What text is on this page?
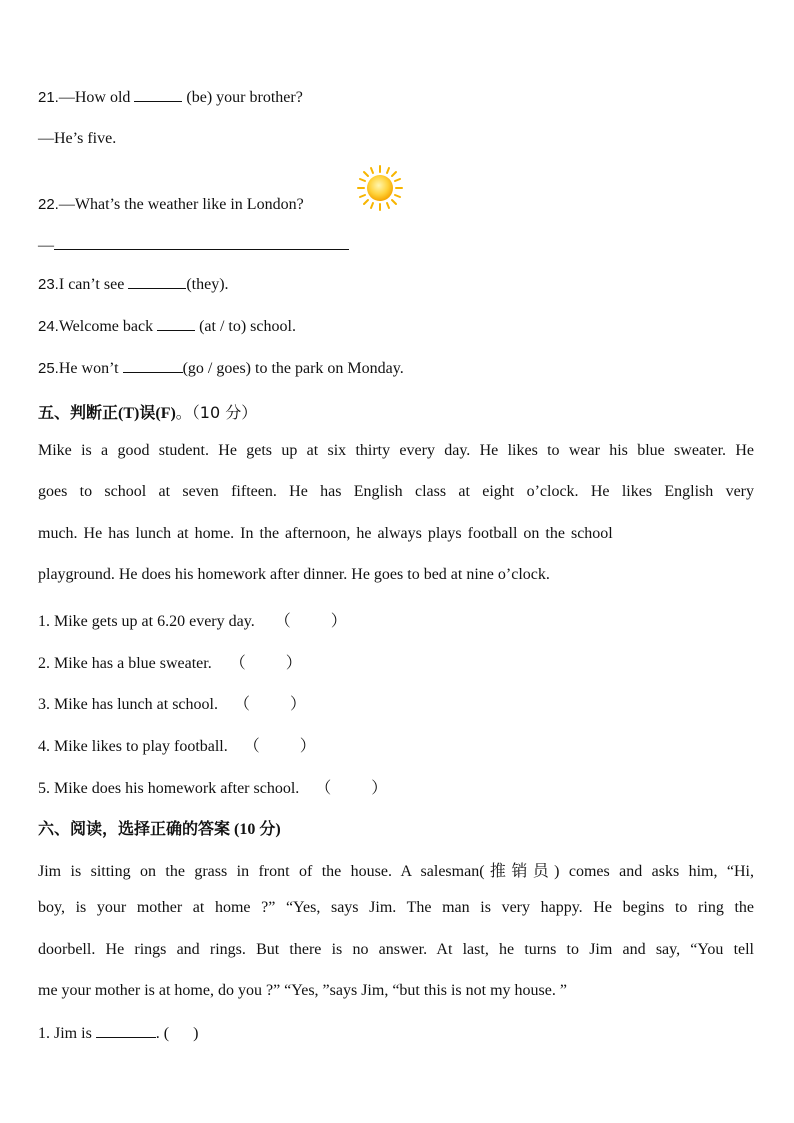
21.—How old	(be) your brother?
—He’s five.
22.—What’s the weather like in London?
—
23.I can’t see	(they).
24.Welcome back  (at / to) school.
25.He won’t	(go / goes) to the park on Monday.
五、判断正(T)误(F)。（10 分）
Mike is a good student. He gets up at six thirty every day. He likes to wear his blue sweater. He
goes to school at seven fifteen. He has English class at eight o’clock. He likes English very
much. He has lunch at home. In the afternoon, he always plays football on the school
playground. He does his homework after dinner. He goes to bed at nine o’clock.
1. Mike gets up at 6.20 every day. （          ）
2. Mike has a blue sweater. （          ）
3. Mike has lunch at school. （          ）
4. Mike likes to play football. （          ）
5. Mike does his homework after school. （          ）
六、阅读，选择正确的答案 (10 分)
Jim is sitting on the grass in front of the house. A salesman(推销员) comes and asks him, “Hi,
boy, is your mother at home ?” “Yes, says Jim. The man is very happy. He begins to ring the
doorbell. He rings and rings. But there is no answer. At last, he turns to Jim and say, “You tell
me your mother is at home, do you ?” “Yes, ”says Jim, “but this is not my house. ”
1. Jim is	. (      )
